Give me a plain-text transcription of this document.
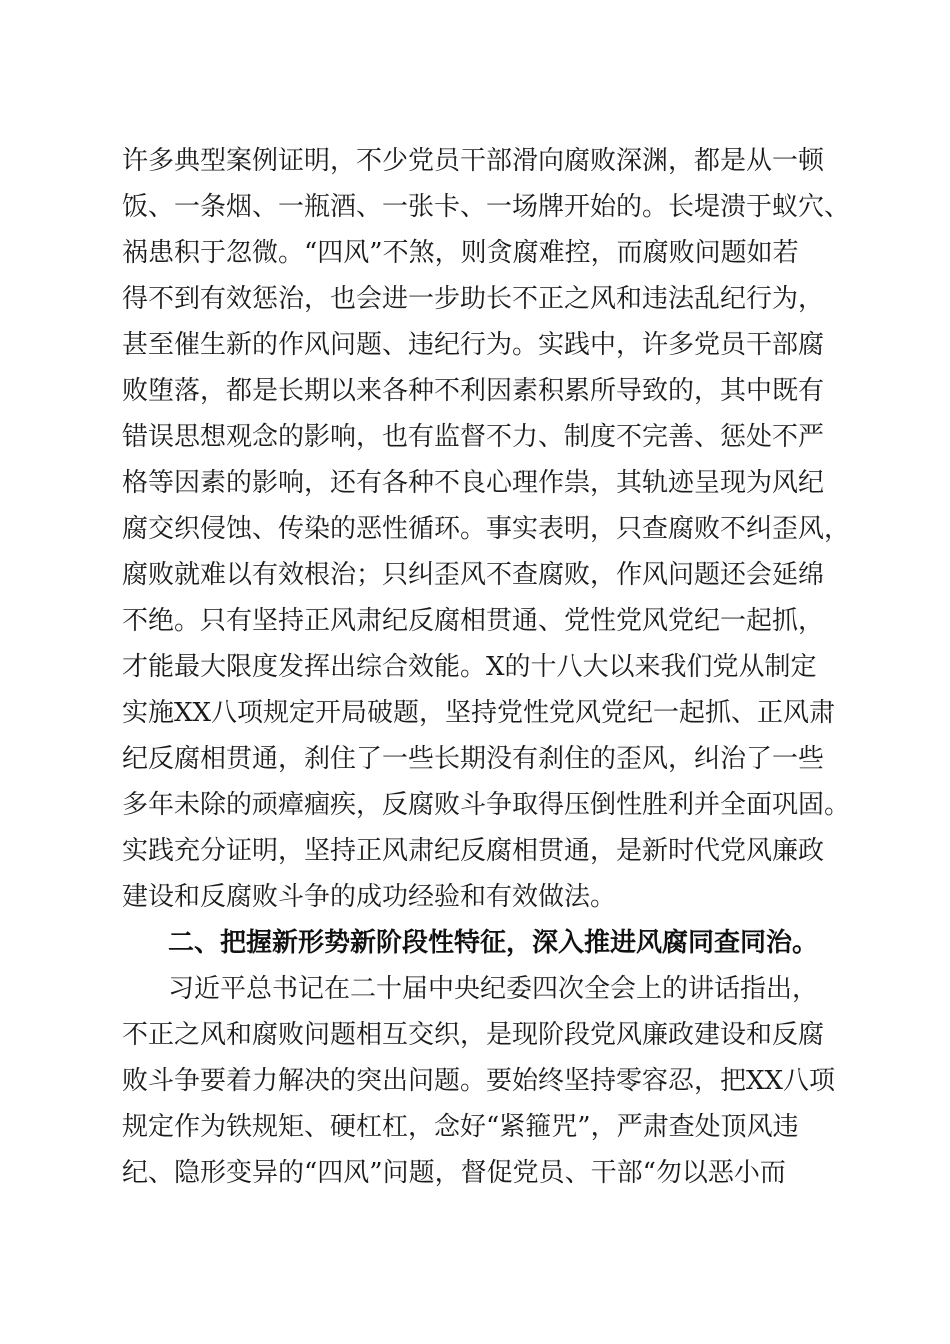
许多典型案例证明，不少党员干部滑向腐败深渊，都是从一顿
饭、一条烟、一瓶酒、一张卡、一场牌开始的。长堤溃于蚁穴、
祸患积于忽微。“四风”不煞，则贪腐难控，而腐败问题如若
得不到有效惩治，也会进一步助长不正之风和违法乱纪行为，
甚至催生新的作风问题、违纪行为。实践中，许多党员干部腐
败堕落，都是长期以来各种不利因素积累所导致的，其中既有
错误思想观念的影响，也有监督不力、制度不完善、惩处不严
格等因素的影响，还有各种不良心理作祟，其轨迹呈现为风纪
腐交织侵蚀、传染的恶性循环。事实表明，只查腐败不纠歪风，
腐败就难以有效根治；只纠歪风不查腐败，作风问题还会延绵
不绝。只有坚持正风肃纪反腐相贯通、党性党风党纪一起抓，
才能最大限度发挥出综合效能。X的十八大以来我们党从制定
实施XX八项规定开局破题，坚持党性党风党纪一起抓、正风肃
纪反腐相贯通，刹住了一些长期没有刹住的歪风，纠治了一些
多年未除的顽瘴痼疾，反腐败斗争取得压倒性胜利并全面巩固。
实践充分证明，坚持正风肃纪反腐相贯通，是新时代党风廉政
建设和反腐败斗争的成功经验和有效做法。
二、把握新形势新阶段性特征，深入推进风腐同查同治。
习近平总书记在二十届中央纪委四次全会上的讲话指出，
不正之风和腐败问题相互交织，是现阶段党风廉政建设和反腐
败斗争要着力解决的突出问题。要始终坚持零容忍，把XX八项
规定作为铁规矩、硬杠杠，念好“紧箍咒”，严肃查处顶风违
纪、隐形变异的“四风”问题，督促党员、干部“勿以恶小而
